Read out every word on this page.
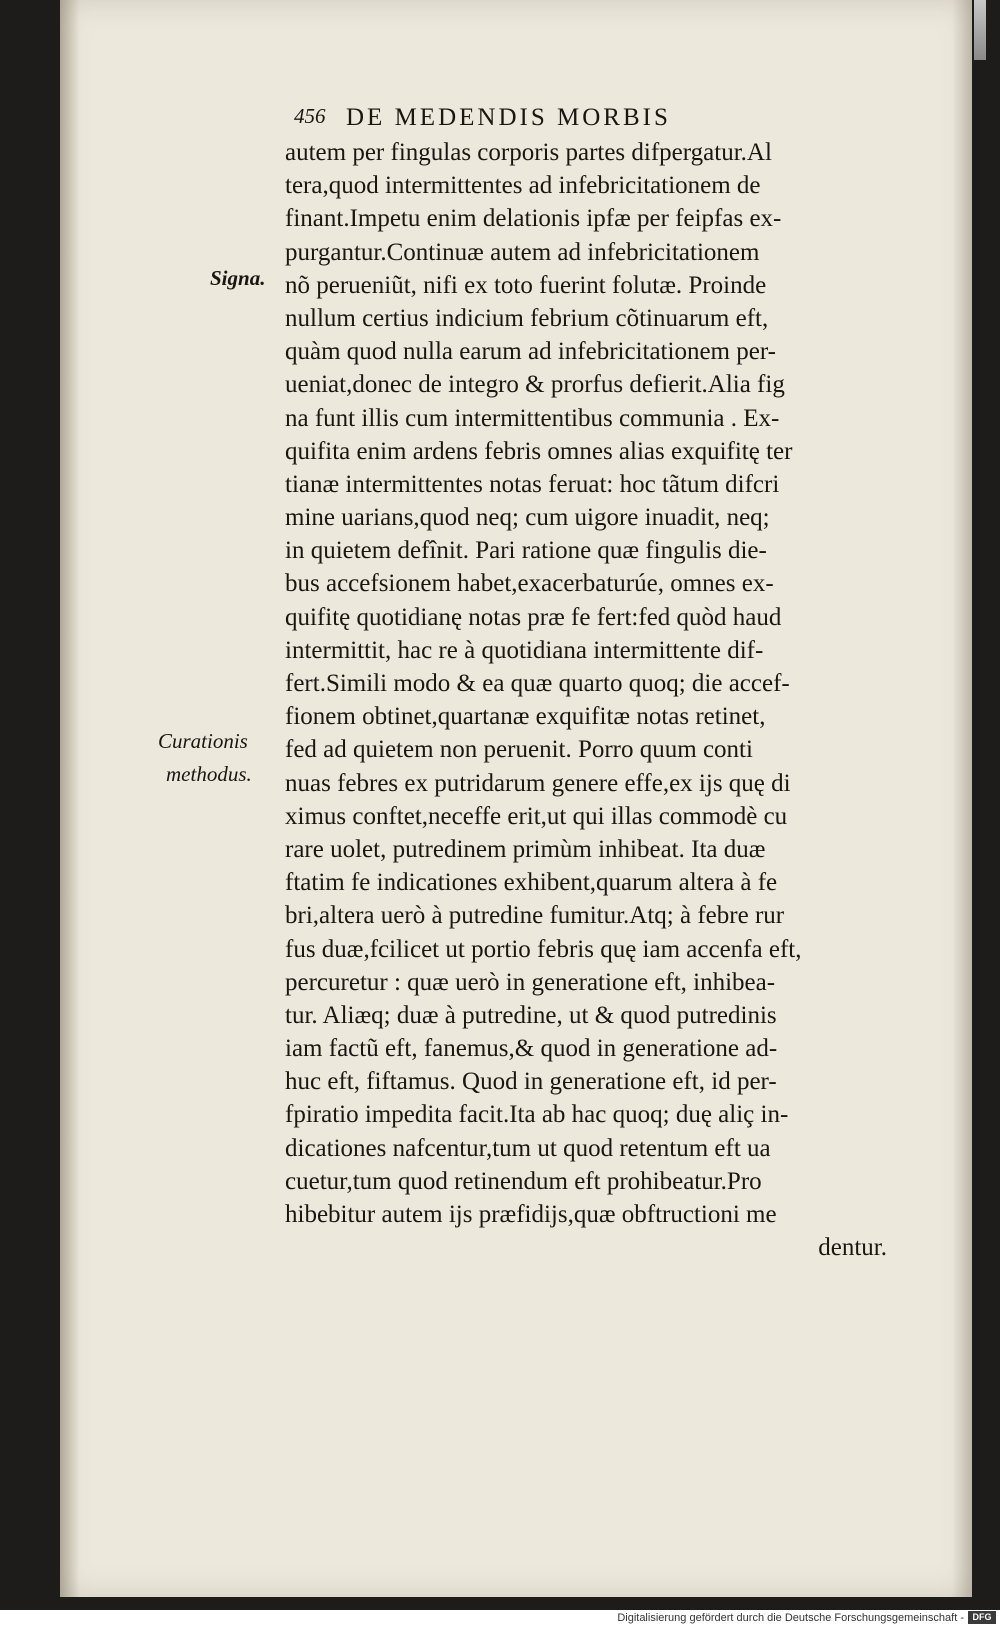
456 DE MEDENDIS MORBIS
Signa.
Curationis
methodus.
autem per fingulas corporis partes difpergatur.Al
tera,quod intermittentes ad infebricitationem de
finant.Impetu enim delationis ipfæ per feipfas ex-
purgantur.Continuæ autem ad infebricitationem
nõ perueniũt, nifi ex toto fuerint folutæ. Proinde
nullum certius indicium febrium cõtinuarum eft,
quàm quod nulla earum ad infebricitationem per-
ueniat,donec de integro & prorfus defierit.Alia fig
na funt illis cum intermittentibus communia . Ex-
quifita enim ardens febris omnes alias exquifitę ter
tianæ intermittentes notas feruat: hoc tãtum difcri
mine uarians,quod neq; cum uigore inuadit, neq;
in quietem defînit. Pari ratione quæ fingulis die-
bus accefsionem habet,exacerbaturúe, omnes ex-
quifitę quotidianę notas præ fe fert:fed quòd haud
intermittit, hac re à quotidiana intermittente dif-
fert.Simili modo & ea quæ quarto quoq; die accef-
fionem obtinet,quartanæ exquifitæ notas retinet,
fed ad quietem non peruenit. Porro quum conti
nuas febres ex putridarum genere effe,ex ijs quę di
ximus conftet,neceffe erit,ut qui illas commodè cu
rare uolet, putredinem primùm inhibeat. Ita duæ
ftatim fe indicationes exhibent,quarum altera à fe
bri,altera uerò à putredine fumitur.Atq; à febre rur
fus duæ,fcilicet ut portio febris quę iam accenfa eft,
percuretur : quæ uerò in generatione eft, inhibea-
tur. Aliæq; duæ à putredine, ut & quod putredinis
iam factũ eft, fanemus,& quod in generatione ad-
huc eft, fiftamus. Quod in generatione eft, id per-
fpiratio impedita facit.Ita ab hac quoq; duę aliç in-
dicationes nafcentur,tum ut quod retentum eft ua
cuetur,tum quod retinendum eft prohibeatur.Pro
hibebitur autem ijs præfidijs,quæ obftructioni me
dentur.
Digitalisierung gefördert durch die Deutsche Forschungsgemeinschaft - DFG
